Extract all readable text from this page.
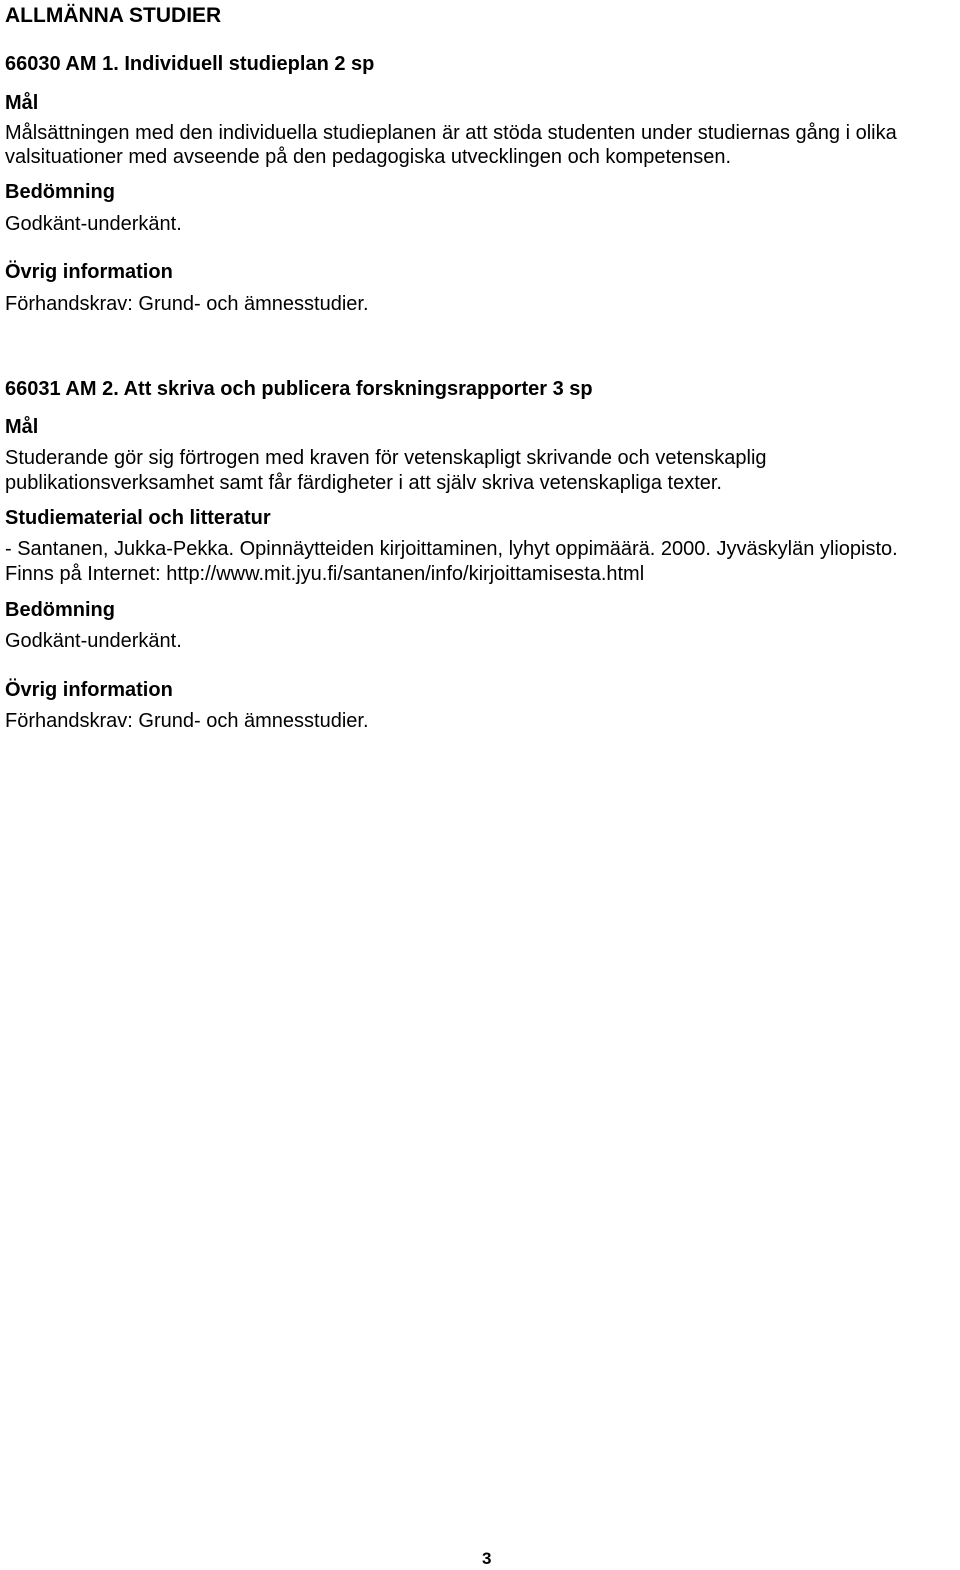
ALLMÄNNA STUDIER
66030 AM 1. Individuell studieplan 2 sp
Mål
Målsättningen med den individuella studieplanen är att stöda studenten under studiernas gång i olika
valsituationer med avseende på den pedagogiska utvecklingen och kompetensen.
Bedömning
Godkänt-underkänt.
Övrig information
Förhandskrav: Grund- och ämnesstudier.
66031 AM 2. Att skriva och publicera forskningsrapporter 3 sp
Mål
Studerande gör sig förtrogen med kraven för vetenskapligt skrivande och vetenskaplig
publikationsverksamhet samt får färdigheter i att själv skriva vetenskapliga texter.
Studiematerial och litteratur
- Santanen, Jukka-Pekka. Opinnäytteiden kirjoittaminen, lyhyt oppimäärä. 2000. Jyväskylän yliopisto.
Finns på Internet: http://www.mit.jyu.fi/santanen/info/kirjoittamisesta.html
Bedömning
Godkänt-underkänt.
Övrig information
Förhandskrav: Grund- och ämnesstudier.
3
